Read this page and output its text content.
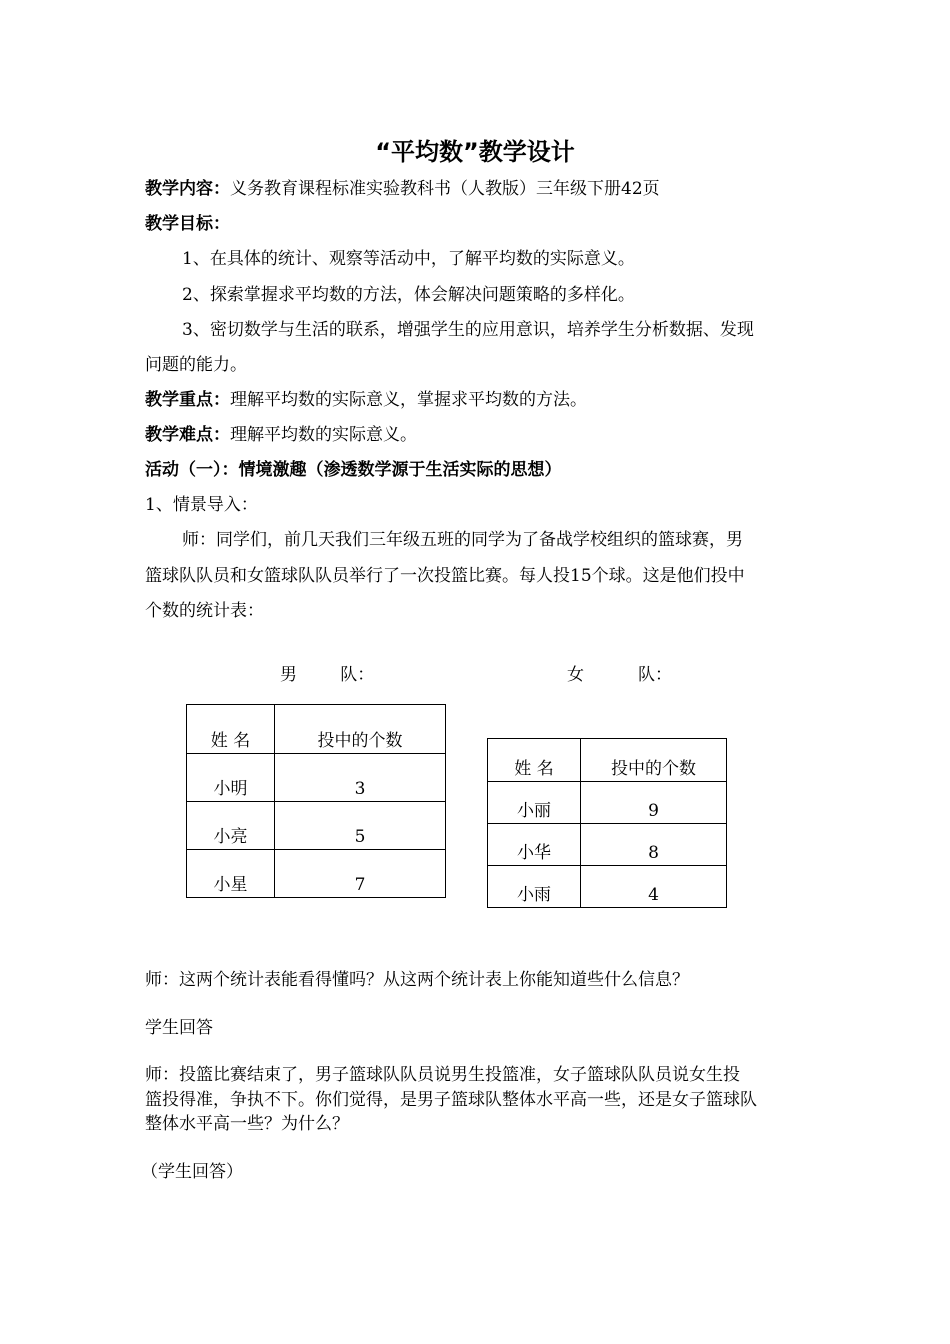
“平均数”教学设计
教学内容：义务教育课程标准实验教科书（人教版）三年级下册42页
教学目标：
1、在具体的统计、观察等活动中，了解平均数的实际意义。
2、探索掌握求平均数的方法，体会解决问题策略的多样化。
3、密切数学与生活的联系，增强学生的应用意识，培养学生分析数据、发现
问题的能力。
教学重点：理解平均数的实际意义，掌握求平均数的方法。
教学难点：理解平均数的实际意义。
活动（一）：情境激趣（渗透数学源于生活实际的思想）
1、情景导入：
师：同学们，前几天我们三年级五班的同学为了备战学校组织的篮球赛，男
篮球队队员和女篮球队队员举行了一次投篮比赛。每人投15个球。这是他们投中
个数的统计表：
男        队：	女          队：
姓 名	投中的个数
小明	3
小亮	5
小星	7
姓 名	投中的个数
小丽	9
小华	8
小雨	4
师：这两个统计表能看得懂吗？从这两个统计表上你能知道些什么信息？
学生回答
师：投篮比赛结束了，男子篮球队队员说男生投篮准，女子篮球队队员说女生投
篮投得准，争执不下。你们觉得，是男子篮球队整体水平高一些，还是女子篮球队
整体水平高一些？为什么？
（学生回答）
